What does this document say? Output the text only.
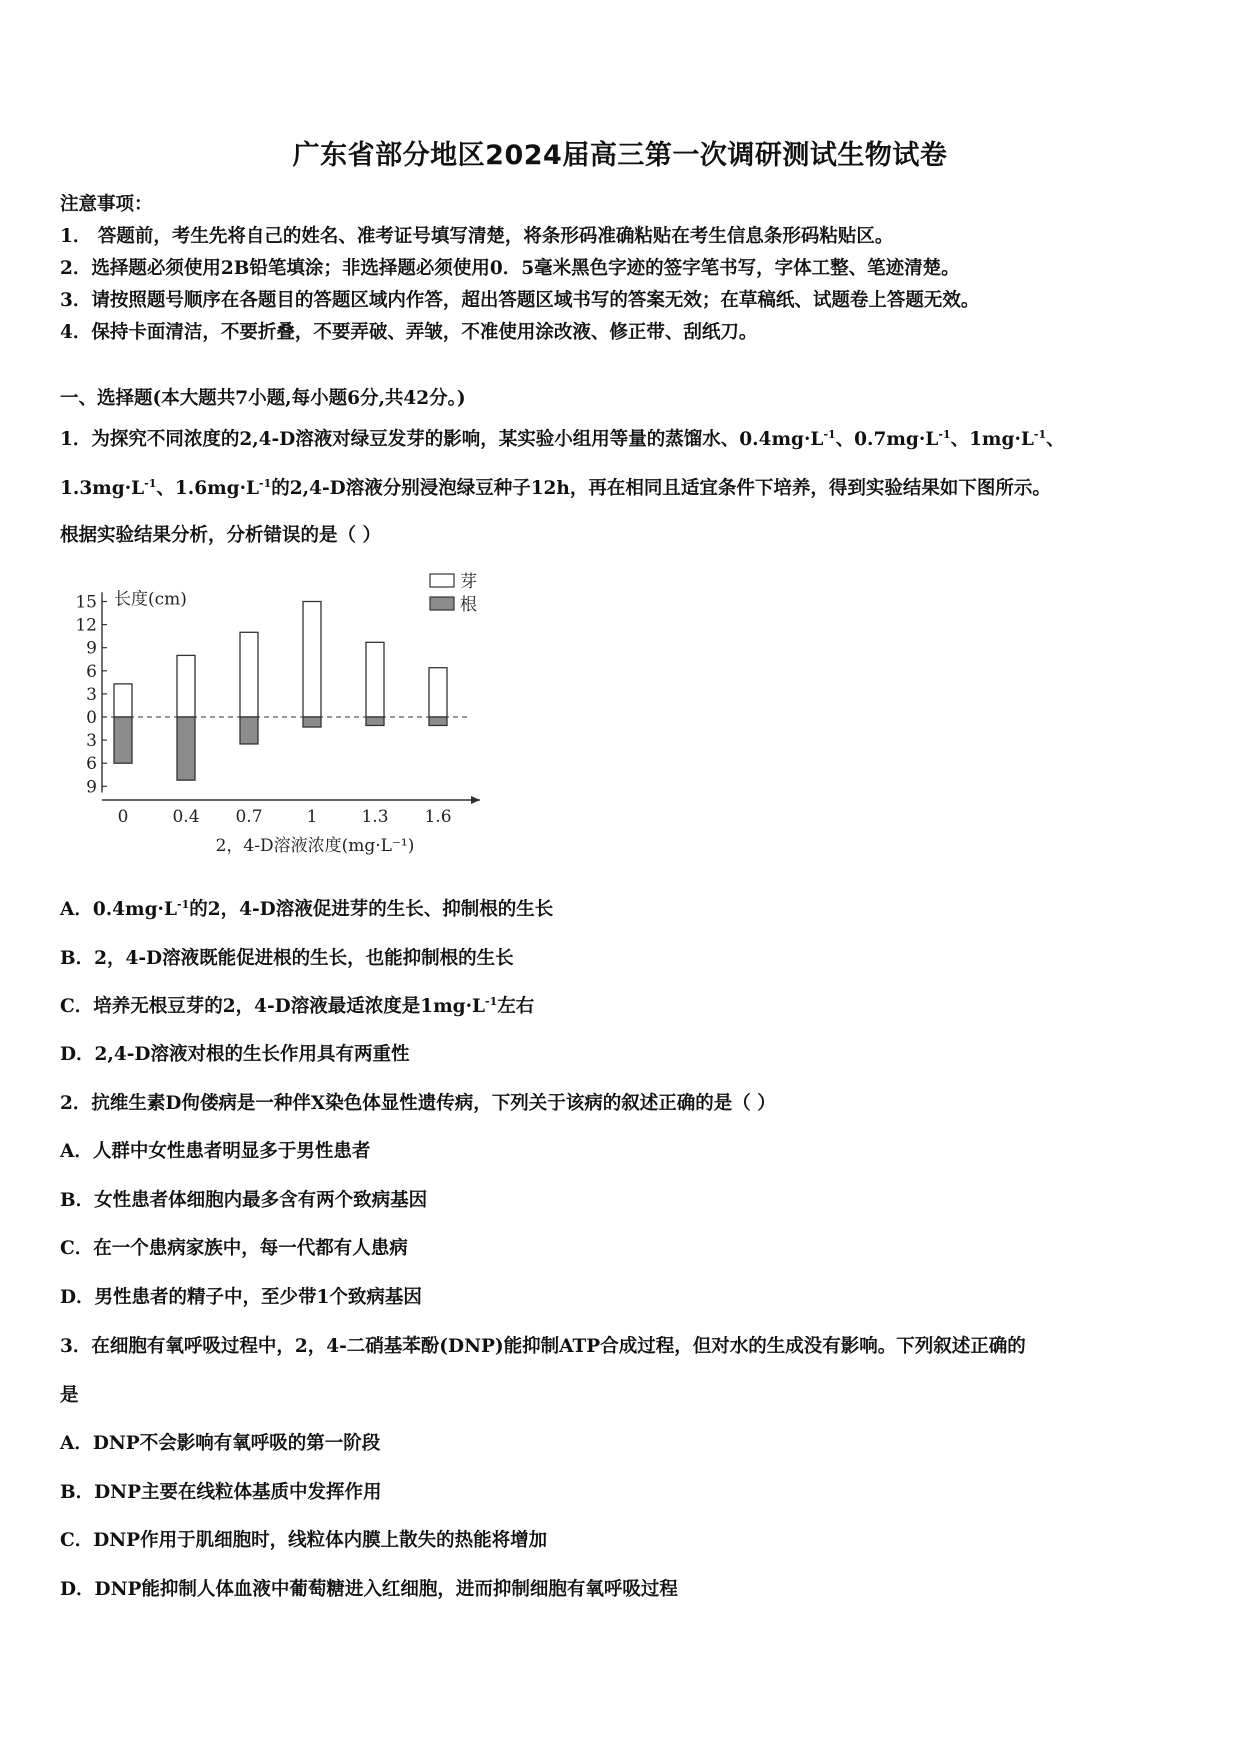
广东省部分地区2024届高三第一次调研测试生物试卷
注意事项：
1． 答题前，考生先将自己的姓名、准考证号填写清楚，将条形码准确粘贴在考生信息条形码粘贴区。
2．选择题必须使用2B铅笔填涂；非选择题必须使用0．5毫米黑色字迹的签字笔书写，字体工整、笔迹清楚。
3．请按照题号顺序在各题目的答题区域内作答，超出答题区域书写的答案无效；在草稿纸、试题卷上答题无效。
4．保持卡面清洁，不要折叠，不要弄破、弄皱，不准使用涂改液、修正带、刮纸刀。
一、选择题(本大题共7小题,每小题6分,共42分。)
1．为探究不同浓度的2,4-D溶液对绿豆发芽的影响，某实验小组用等量的蒸馏水、$0.4mg\cdot L^{-1}$、$0.7mg\cdot L^{-1}$、$1mg\cdot L^{-1}$、
$1.3mg\cdot L^{-1}$、$1.6mg\cdot L^{-1}$的2,4-D溶液分别浸泡绿豆种子12h，再在相同且适宜条件下培养，得到实验结果如下图所示。
根据实验结果分析，分析错误的是（ ）
15
12
9
6
3
0
3
6
9
长度(cm)
0	0.4 0.7	1	1.3 1.6
2，4-D溶液浓度(mg·L⁻¹)
芽
根
A．$0.4mg\cdot L^{-1}$的2，4-D溶液促进芽的生长、抑制根的生长
B．2，4-D溶液既能促进根的生长，也能抑制根的生长
C．培养无根豆芽的2，4-D溶液最适浓度是$1mg\cdot L^{-1}$左右
D．2,4-D溶液对根的生长作用具有两重性
2．抗维生素D佝偻病是一种伴X染色体显性遗传病，下列关于该病的叙述正确的是（ ）
A．人群中女性患者明显多于男性患者
B．女性患者体细胞内最多含有两个致病基因
C．在一个患病家族中，每一代都有人患病
D．男性患者的精子中，至少带1个致病基因
3．在细胞有氧呼吸过程中，2，4-二硝基苯酚(DNP)能抑制ATP合成过程，但对水的生成没有影响。下列叙述正确的
是
A．DNP不会影响有氧呼吸的第一阶段
B．DNP主要在线粒体基质中发挥作用
C．DNP作用于肌细胞时，线粒体内膜上散失的热能将增加
D．DNP能抑制人体血液中葡萄糖进入红细胞，进而抑制细胞有氧呼吸过程
